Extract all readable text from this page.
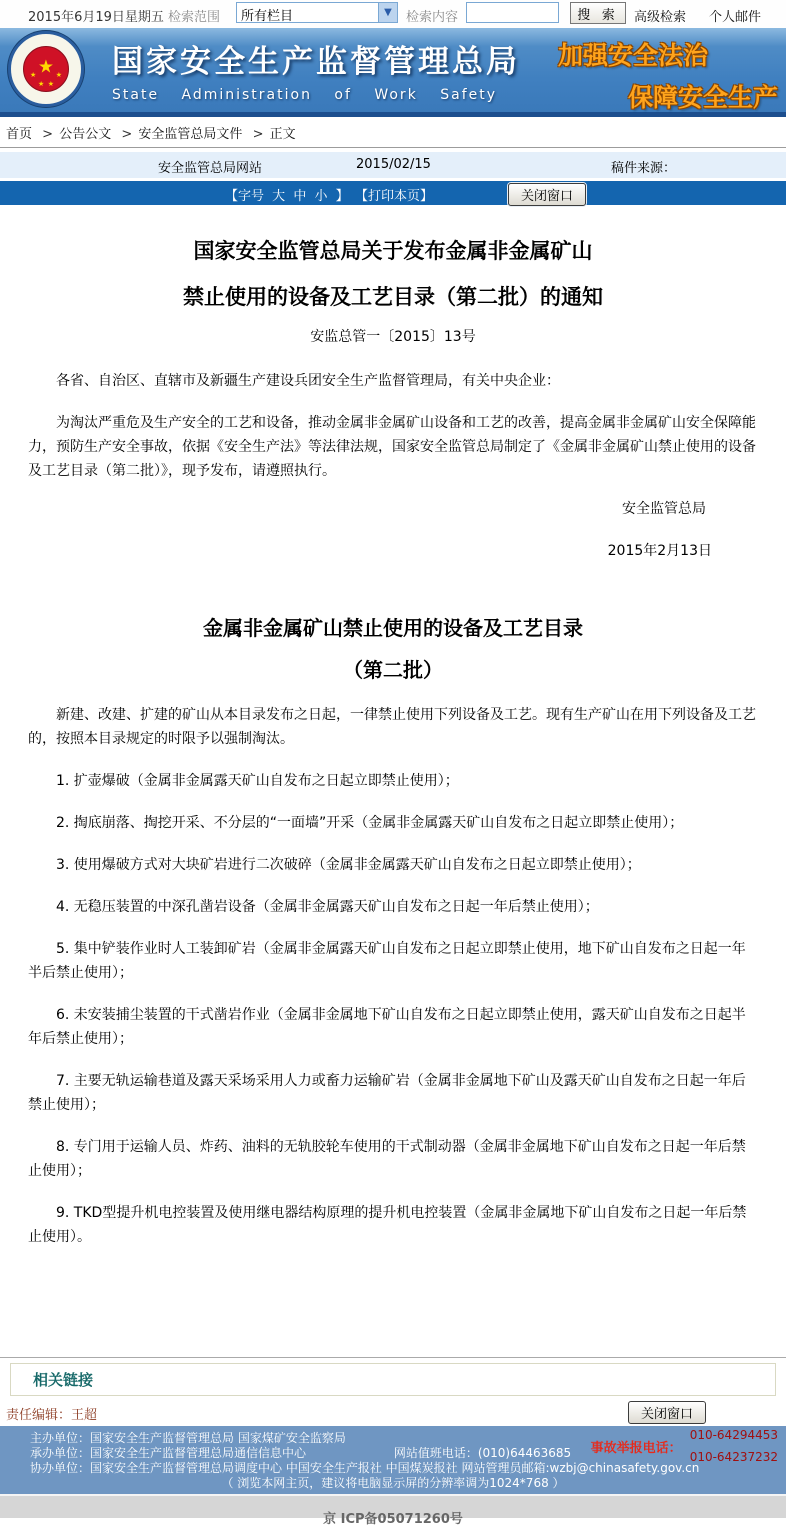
2015年6月19日星期五 检索范围 所有栏目	▼	检索内容	搜 索	高级检索 个人邮件
★
★
★
★
★
国家安全生产监督管理总局
State Administration of Work Safety
加强安全法治
保障安全生产
首页 > 公告公文 > 安全监管总局文件 > 正文
安全监管总局网站	2015/02/15	稿件来源：
【字号 大 中 小 】 【打印本页】	关闭窗口
国家安全监管总局关于发布金属非金属矿山
禁止使用的设备及工艺目录（第二批）的通知
安监总管一〔2015〕13号

各省、自治区、直辖市及新疆生产建设兵团安全生产监督管理局，有关中央企业：

为淘汰严重危及生产安全的工艺和设备，推动金属非金属矿山设备和工艺的改善，提高金属非金属矿山安全保障能力，预防生产安全事故，依据《安全生产法》等法律法规，国家安全监管总局制定了《金属非金属矿山禁止使用的设备及工艺目录（第二批）》，现予发布，请遵照执行。

安全监管总局
2015年2月13日
金属非金属矿山禁止使用的设备及工艺目录
（第二批）

新建、改建、扩建的矿山从本目录发布之日起，一律禁止使用下列设备及工艺。现有生产矿山在用下列设备及工艺的，按照本目录规定的时限予以强制淘汰。

1. 扩壶爆破（金属非金属露天矿山自发布之日起立即禁止使用）；

2. 掏底崩落、掏挖开采、不分层的“一面墙”开采（金属非金属露天矿山自发布之日起立即禁止使用）；

3. 使用爆破方式对大块矿岩进行二次破碎（金属非金属露天矿山自发布之日起立即禁止使用）；

4. 无稳压装置的中深孔凿岩设备（金属非金属露天矿山自发布之日起一年后禁止使用）；

5. 集中铲装作业时人工装卸矿岩（金属非金属露天矿山自发布之日起立即禁止使用，地下矿山自发布之日起一年半后禁止使用）；

6. 未安装捕尘装置的干式凿岩作业（金属非金属地下矿山自发布之日起立即禁止使用，露天矿山自发布之日起半年后禁止使用）；

7. 主要无轨运输巷道及露天采场采用人力或畜力运输矿岩（金属非金属地下矿山及露天矿山自发布之日起一年后禁止使用）；

8. 专门用于运输人员、炸药、油料的无轨胶轮车使用的干式制动器（金属非金属地下矿山自发布之日起一年后禁止使用）；

9. TKD型提升机电控装置及使用继电器结构原理的提升机电控装置（金属非金属地下矿山自发布之日起一年后禁止使用）。

相关链接
责任编辑：王超	关闭窗口
主办单位：国家安全生产监督管理总局 国家煤矿安全监察局
承办单位：国家安全生产监督管理总局通信信息中心	网站值班电话：(010)64463685
协办单位：国家安全生产监督管理总局调度中心 中国安全生产报社 中国煤炭报社 网站管理员邮箱:wzbj@chinasafety.gov.cn
（ 浏览本网主页，建议将电脑显示屏的分辨率调为1024*768 ）
事故举报电话：
010-64294453
010-64237232
京 ICP备05071260号
